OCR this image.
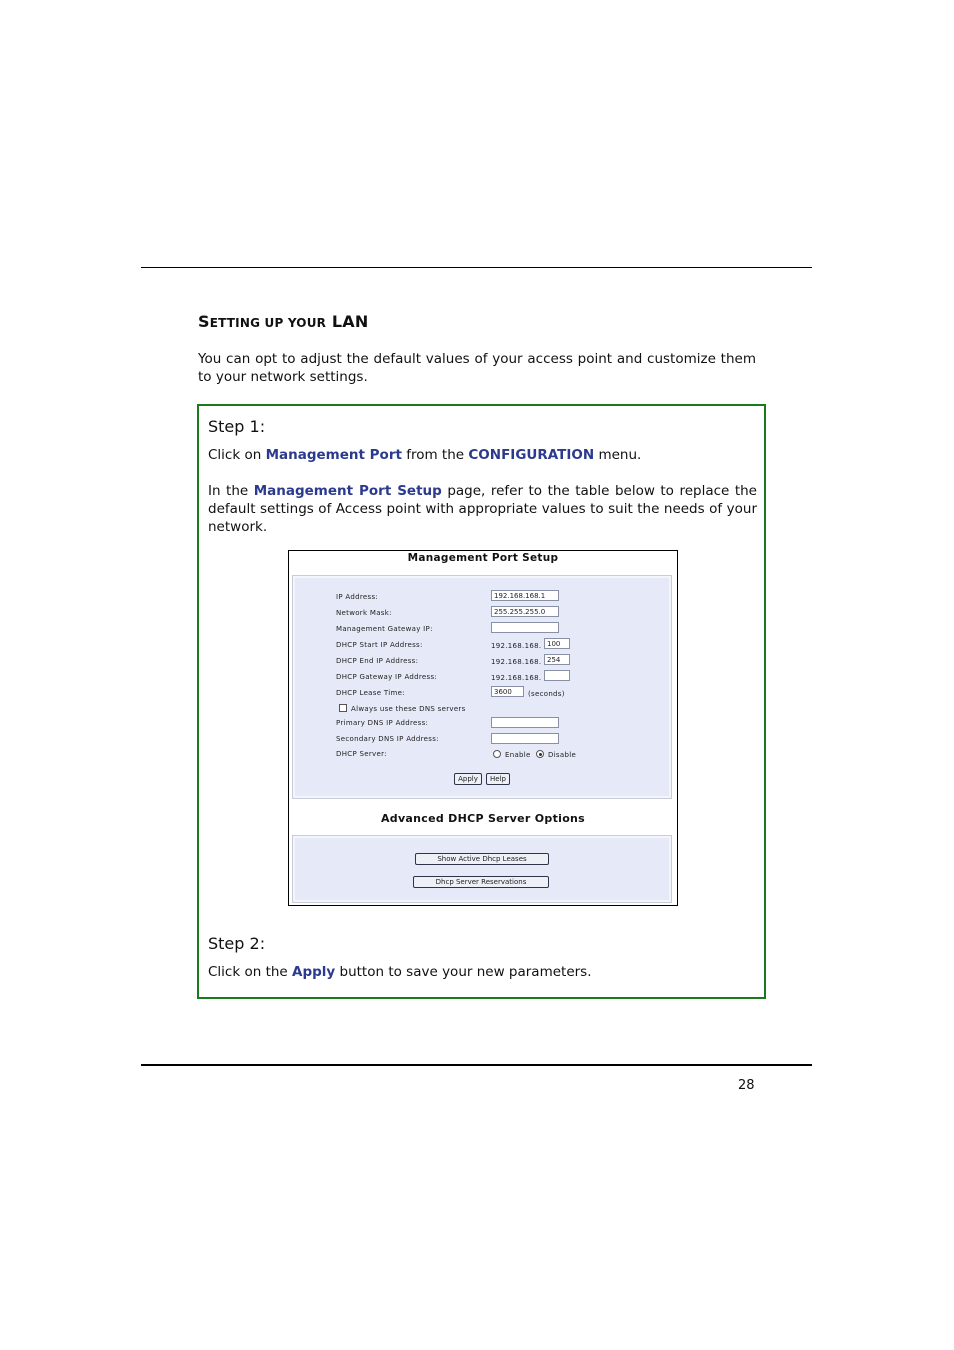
SETTING UP YOUR LAN
You can opt to adjust the default values of your access point and customize them to your network settings.
Step 1:
Click on Management Port from the CONFIGURATION menu.
In the Management Port Setup page, refer to the table below to replace the default settings of Access point with appropriate values to suit the needs of your network.
Management Port Setup
IP Address:	192.168.168.1
Network Mask:	255.255.255.0
Management Gateway IP:
DHCP Start IP Address:	192.168.168. 100
DHCP End IP Address:	192.168.168. 254
DHCP Gateway IP Address:	192.168.168.
DHCP Lease Time:	3600	(seconds)
Always use these DNS servers
Primary DNS IP Address:
Secondary DNS IP Address:
DHCP Server:	Enable Disable
Apply	Help
Advanced DHCP Server Options
Show Active Dhcp Leases
Dhcp Server Reservations
Step 2:
Click on the Apply button to save your new parameters.
28
